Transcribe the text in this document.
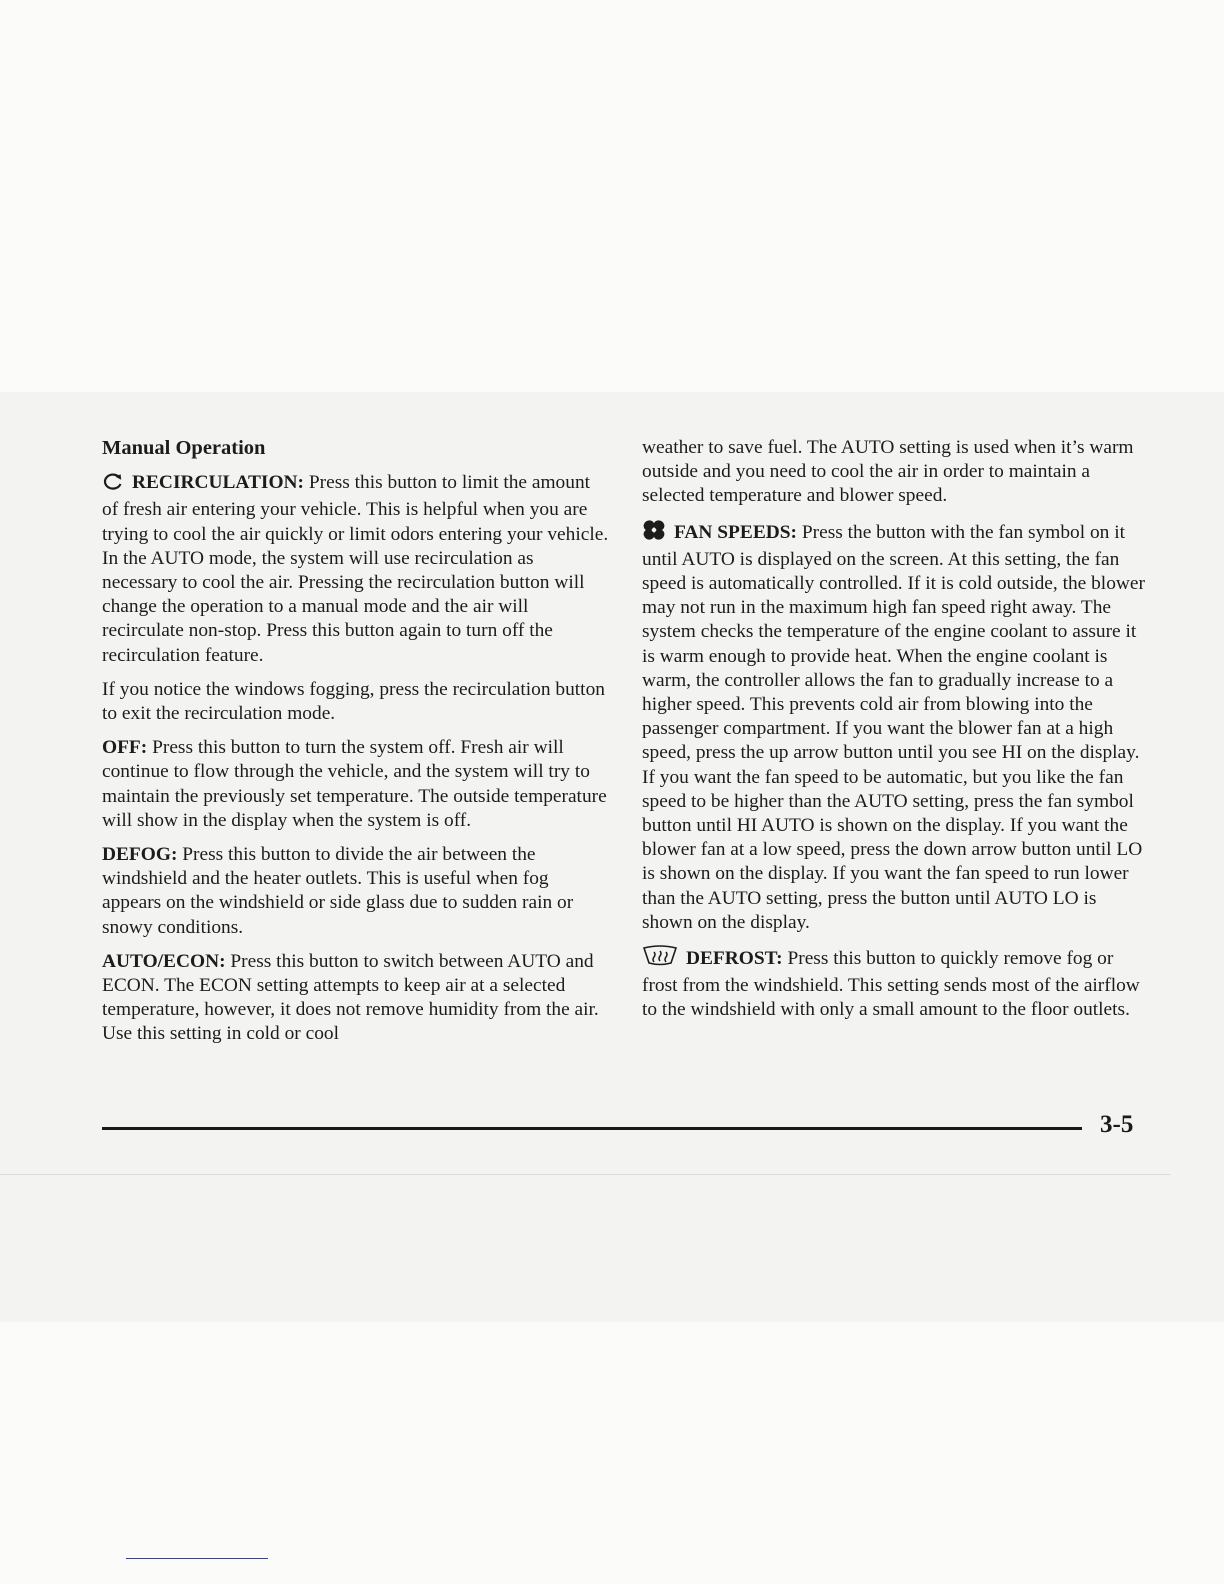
Manual Operation

RECIRCULATION: Press this button to limit the amount of fresh air entering your vehicle. This is helpful when you are trying to cool the air quickly or limit odors entering your vehicle. In the AUTO mode, the system will use recirculation as necessary to cool the air. Pressing the recirculation button will change the operation to a manual mode and the air will recirculate non-stop. Press this button again to turn off the recirculation feature.

If you notice the windows fogging, press the recirculation button to exit the recirculation mode.

OFF: Press this button to turn the system off. Fresh air will continue to flow through the vehicle, and the system will try to maintain the previously set temperature. The outside temperature will show in the display when the system is off.

DEFOG: Press this button to divide the air between the windshield and the heater outlets. This is useful when fog appears on the windshield or side glass due to sudden rain or snowy conditions.

AUTO/ECON: Press this button to switch between AUTO and ECON. The ECON setting attempts to keep air at a selected temperature, however, it does not remove humidity from the air. Use this setting in cold or cool

weather to save fuel. The AUTO setting is used when it’s warm outside and you need to cool the air in order to maintain a selected temperature and blower speed.

FAN SPEEDS: Press the button with the fan symbol on it until AUTO is displayed on the screen. At this setting, the fan speed is automatically controlled. If it is cold outside, the blower may not run in the maximum high fan speed right away. The system checks the temperature of the engine coolant to assure it is warm enough to provide heat. When the engine coolant is warm, the controller allows the fan to gradually increase to a higher speed. This prevents cold air from blowing into the passenger compartment. If you want the blower fan at a high speed, press the up arrow button until you see HI on the display. If you want the fan speed to be automatic, but you like the fan speed to be higher than the AUTO setting, press the fan symbol button until HI AUTO is shown on the display. If you want the blower fan at a low speed, press the down arrow button until LO is shown on the display. If you want the fan speed to run lower than the AUTO setting, press the button until AUTO LO is shown on the display.

DEFROST: Press this button to quickly remove fog or frost from the windshield. This setting sends most of the airflow to the windshield with only a small amount to the floor outlets.

3-5
